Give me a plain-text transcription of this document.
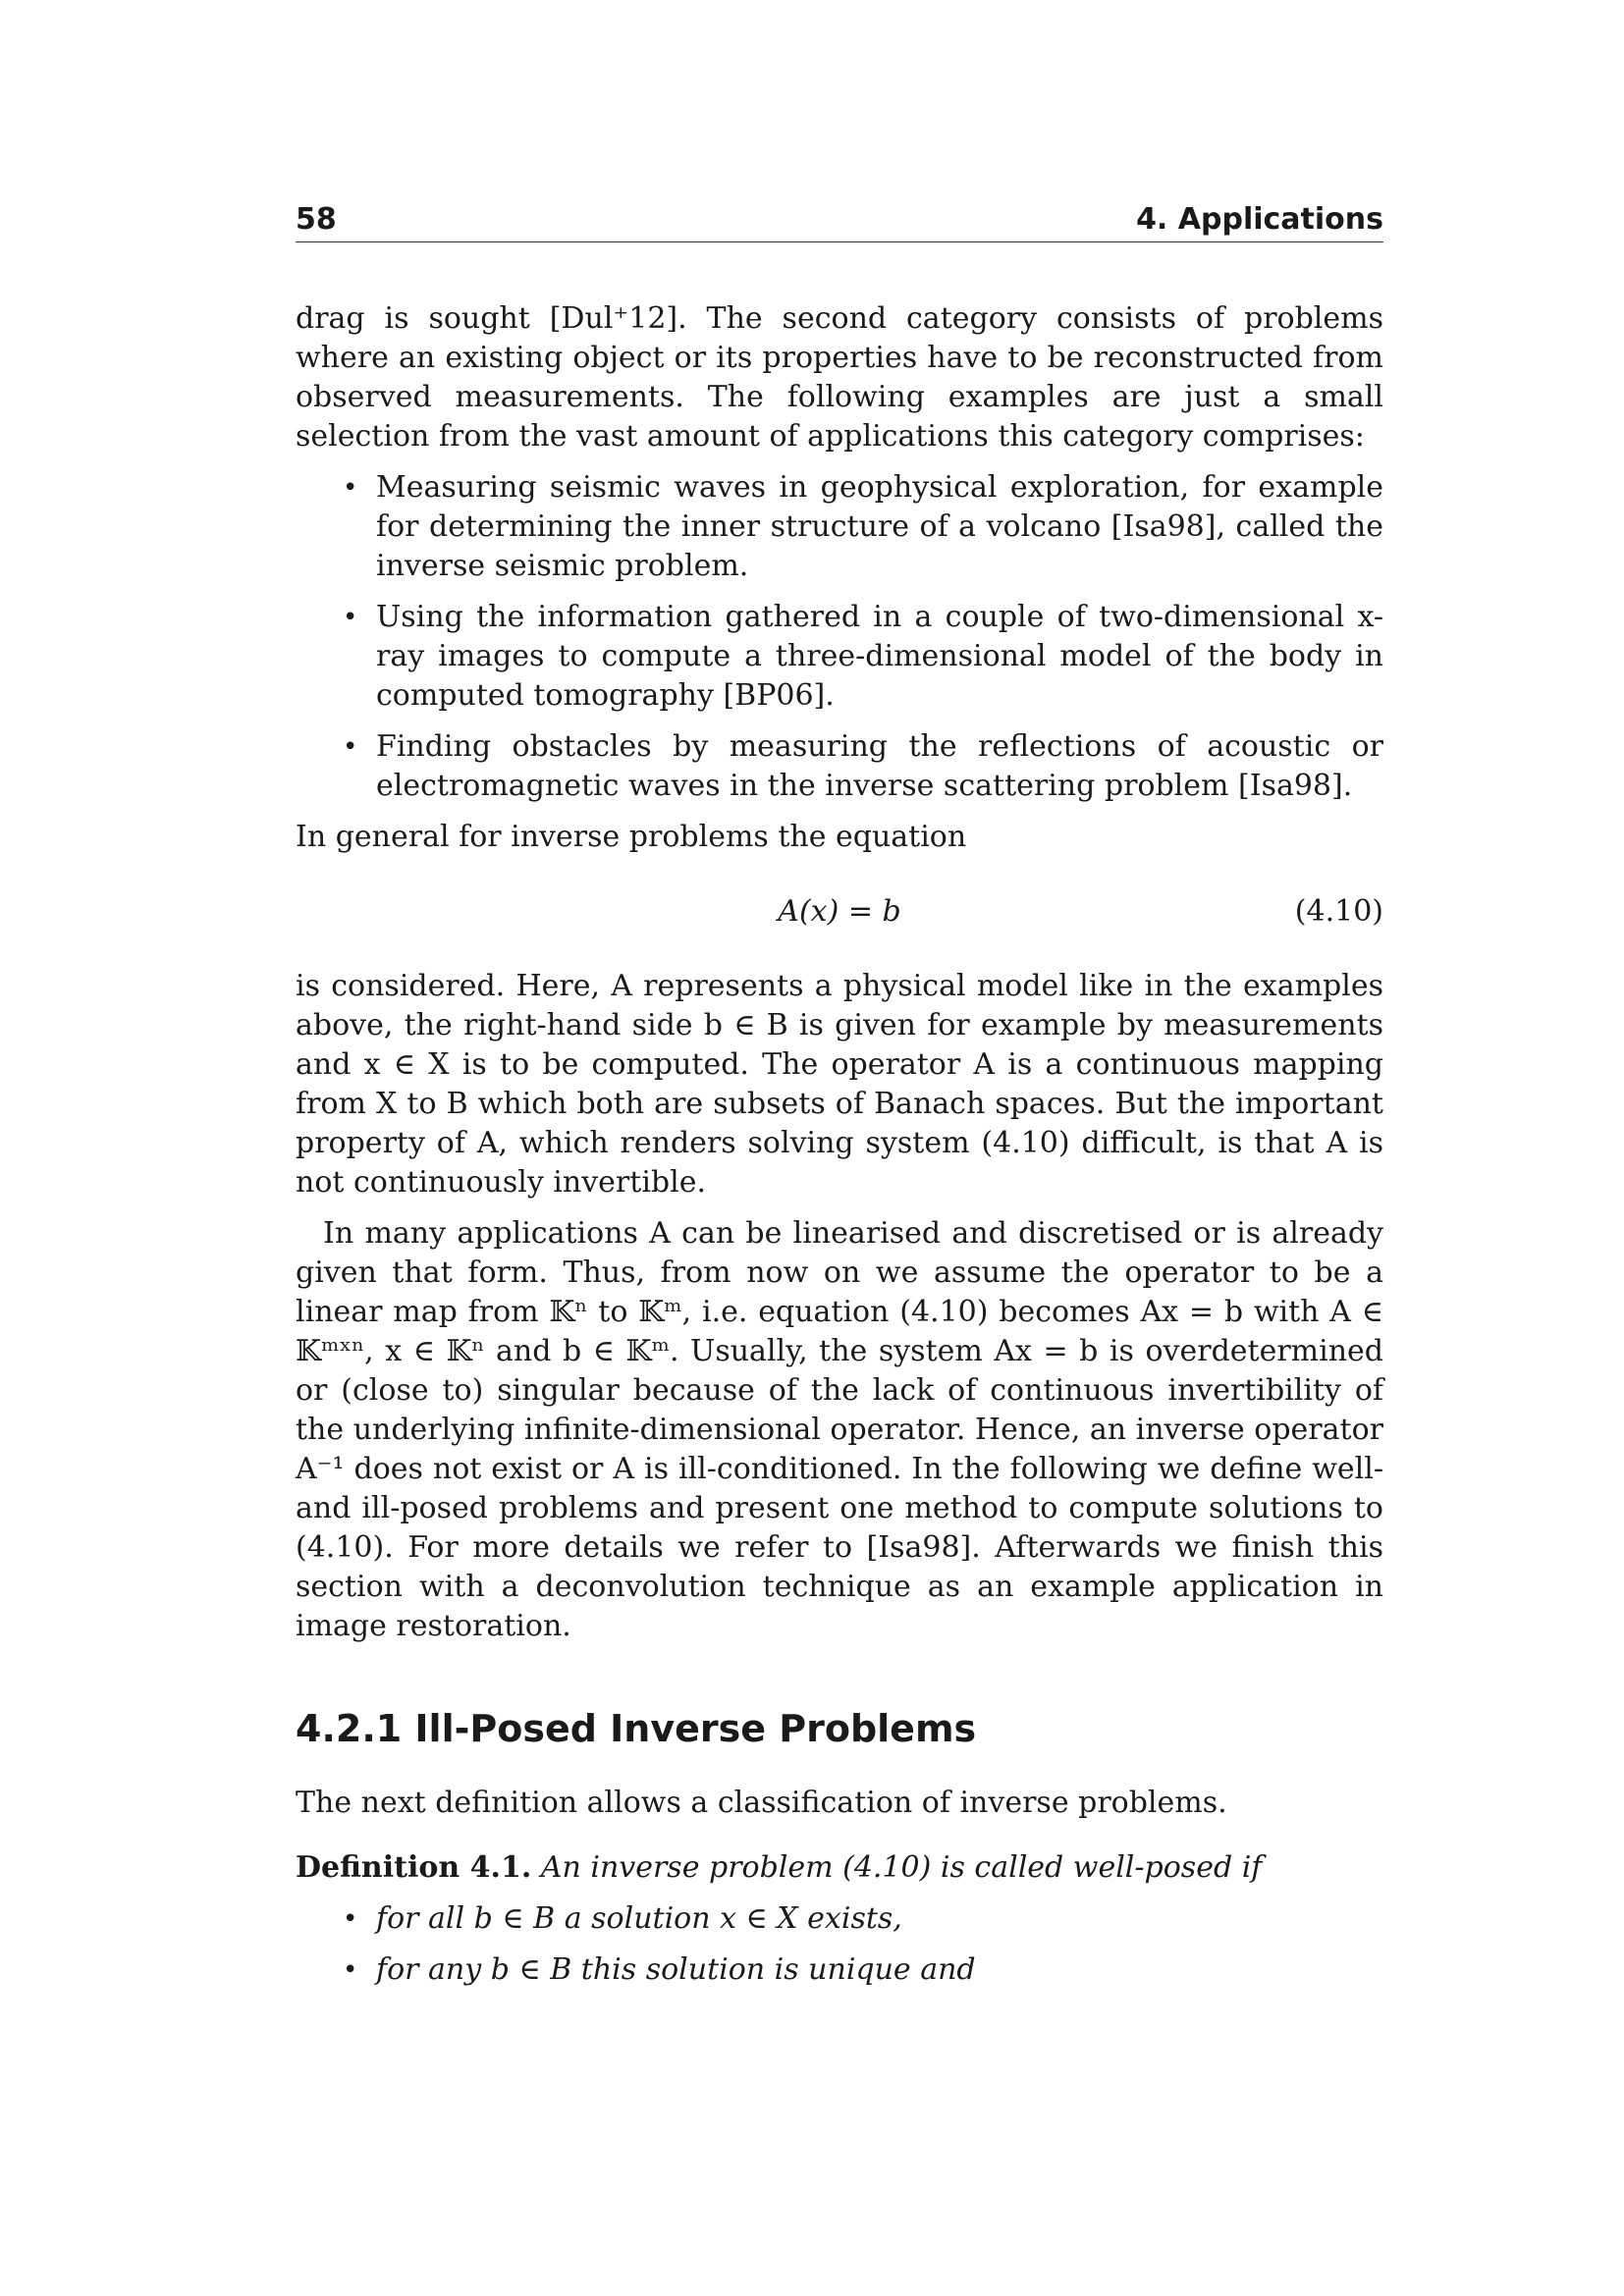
58	4. Applications

drag is sought [Dul⁺12]. The second category consists of problems where an existing object or its properties have to be reconstructed from observed measurements. The following examples are just a small selection from the vast amount of applications this category comprises:

• Measuring seismic waves in geophysical exploration, for example for determining the inner structure of a volcano [Isa98], called the inverse seismic problem.
• Using the information gathered in a couple of two-dimensional x-ray images to compute a three-dimensional model of the body in computed tomography [BP06].
• Finding obstacles by measuring the reflections of acoustic or electromagnetic waves in the inverse scattering problem [Isa98].

In general for inverse problems the equation

A(x) = b	(4.10)

is considered. Here, A represents a physical model like in the examples above, the right-hand side b ∈ B is given for example by measurements and x ∈ X is to be computed. The operator A is a continuous mapping from X to B which both are subsets of Banach spaces. But the important property of A, which renders solving system (4.10) difficult, is that A is not continuously invertible.

In many applications A can be linearised and discretised or is already given that form. Thus, from now on we assume the operator to be a linear map from 𝕂ⁿ to 𝕂ᵐ, i.e. equation (4.10) becomes Ax = b with A ∈ 𝕂ᵐˣⁿ, x ∈ 𝕂ⁿ and b ∈ 𝕂ᵐ. Usually, the system Ax = b is overdetermined or (close to) singular because of the lack of continuous invertibility of the underlying infinite-dimensional operator. Hence, an inverse operator A⁻¹ does not exist or A is ill-conditioned. In the following we define well- and ill-posed problems and present one method to compute solutions to (4.10). For more details we refer to [Isa98]. Afterwards we finish this section with a deconvolution technique as an example application in image restoration.

4.2.1 Ill-Posed Inverse Problems

The next definition allows a classification of inverse problems.

Definition 4.1. An inverse problem (4.10) is called well-posed if

• for all b ∈ B a solution x ∈ X exists,
• for any b ∈ B this solution is unique and
